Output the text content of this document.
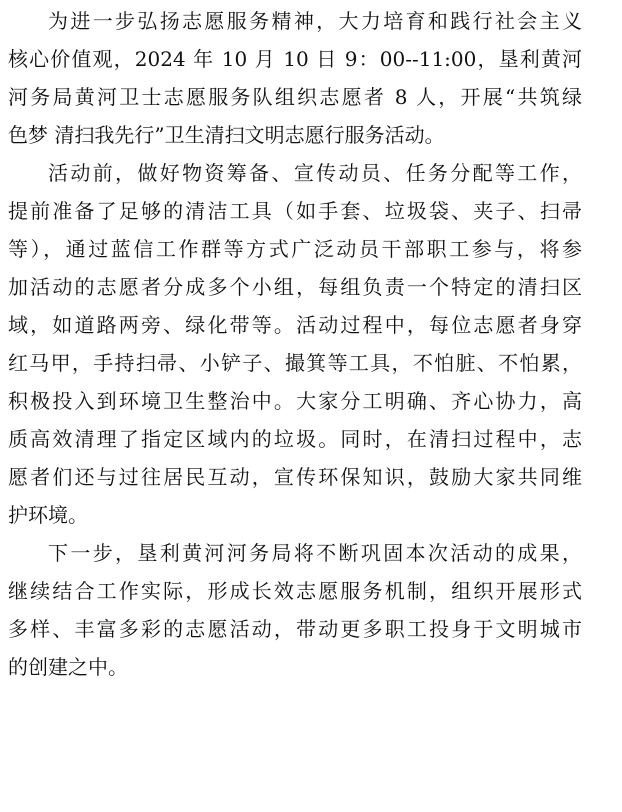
为进一步弘扬志愿服务精神，大力培育和践行社会主义
核心价值观，2024 年 10 月 10 日 9：00--11:00，垦利黄河
河务局黄河卫士志愿服务队组织志愿者 8 人，开展“共筑绿
色梦 清扫我先行”卫生清扫文明志愿行服务活动。
活动前，做好物资筹备、宣传动员、任务分配等工作，
提前准备了足够的清洁工具（如手套、垃圾袋、夹子、扫帚
等），通过蓝信工作群等方式广泛动员干部职工参与，将参
加活动的志愿者分成多个小组，每组负责一个特定的清扫区
域，如道路两旁、绿化带等。活动过程中，每位志愿者身穿
红马甲，手持扫帚、小铲子、撮箕等工具，不怕脏、不怕累，
积极投入到环境卫生整治中。大家分工明确、齐心协力，高
质高效清理了指定区域内的垃圾。同时，在清扫过程中，志
愿者们还与过往居民互动，宣传环保知识，鼓励大家共同维
护环境。
下一步，垦利黄河河务局将不断巩固本次活动的成果，
继续结合工作实际，形成长效志愿服务机制，组织开展形式
多样、丰富多彩的志愿活动，带动更多职工投身于文明城市
的创建之中。
